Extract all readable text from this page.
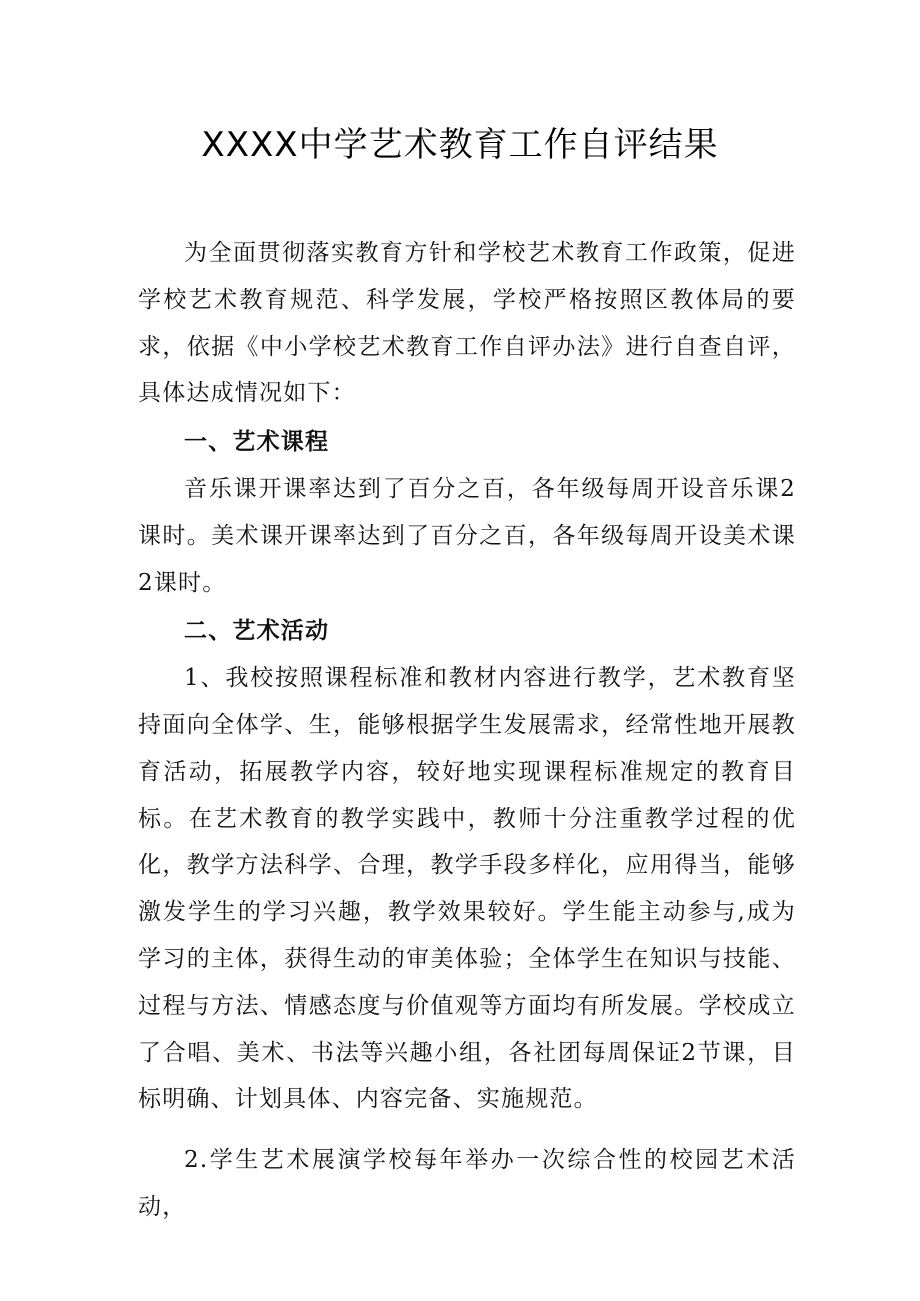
XXXX中学艺术教育工作自评结果

为全面贯彻落实教育方针和学校艺术教育工作政策，促进学校艺术教育规范、科学发展，学校严格按照区教体局的要求，依据《中小学校艺术教育工作自评办法》进行自查自评，具体达成情况如下：

一、艺术课程

音乐课开课率达到了百分之百，各年级每周开设音乐课2课时。美术课开课率达到了百分之百，各年级每周开设美术课2课时。

二、艺术活动

1、我校按照课程标准和教材内容进行教学，艺术教育坚持面向全体学、生，能够根据学生发展需求，经常性地开展教育活动，拓展教学内容，较好地实现课程标准规定的教育目标。在艺术教育的教学实践中，教师十分注重教学过程的优化，教学方法科学、合理，教学手段多样化，应用得当，能够激发学生的学习兴趣，教学效果较好。学生能主动参与,成为学习的主体，获得生动的审美体验；全体学生在知识与技能、过程与方法、情感态度与价值观等方面均有所发展。学校成立了合唱、美术、书法等兴趣小组，各社团每周保证2节课，目标明确、计划具体、内容完备、实施规范。

2.学生艺术展演学校每年举办一次综合性的校园艺术活动，
